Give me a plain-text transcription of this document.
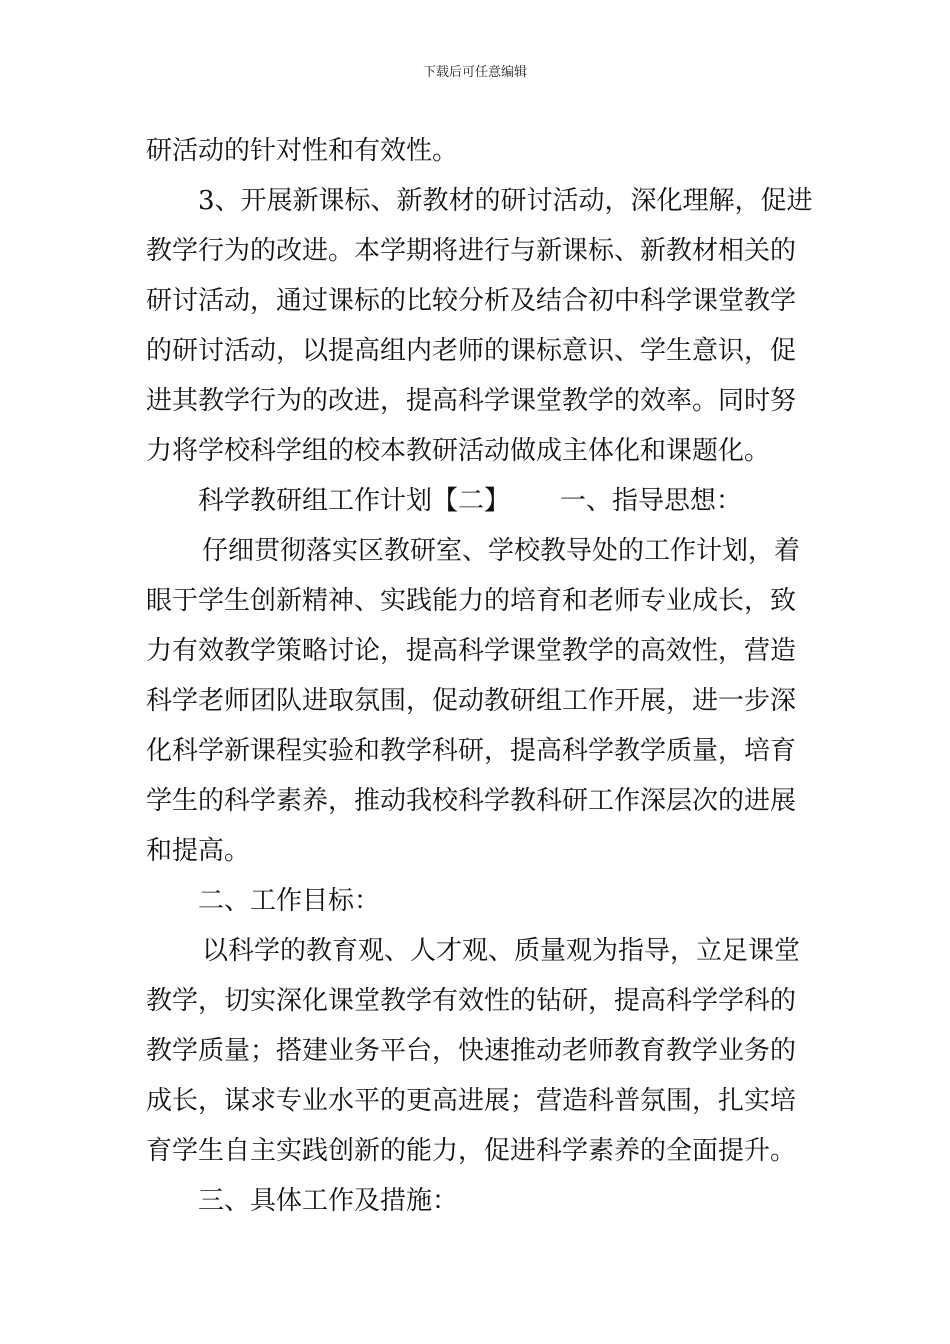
下载后可任意编辑
研活动的针对性和有效性。
3、开展新课标、新教材的研讨活动，深化理解，促进
教学行为的改进。本学期将进行与新课标、新教材相关的
研讨活动，通过课标的比较分析及结合初中科学课堂教学
的研讨活动，以提高组内老师的课标意识、学生意识，促
进其教学行为的改进，提高科学课堂教学的效率。同时努
力将学校科学组的校本教研活动做成主体化和课题化。
科学教研组工作计划【二】 一、指导思想：
仔细贯彻落实区教研室、学校教导处的工作计划，着
眼于学生创新精神、实践能力的培育和老师专业成长，致
力有效教学策略讨论，提高科学课堂教学的高效性，营造
科学老师团队进取氛围，促动教研组工作开展，进一步深
化科学新课程实验和教学科研，提高科学教学质量，培育
学生的科学素养，推动我校科学教科研工作深层次的进展
和提高。
二、工作目标：
以科学的教育观、人才观、质量观为指导，立足课堂
教学，切实深化课堂教学有效性的钻研，提高科学学科的
教学质量；搭建业务平台，快速推动老师教育教学业务的
成长，谋求专业水平的更高进展；营造科普氛围，扎实培
育学生自主实践创新的能力，促进科学素养的全面提升。
三、具体工作及措施：
